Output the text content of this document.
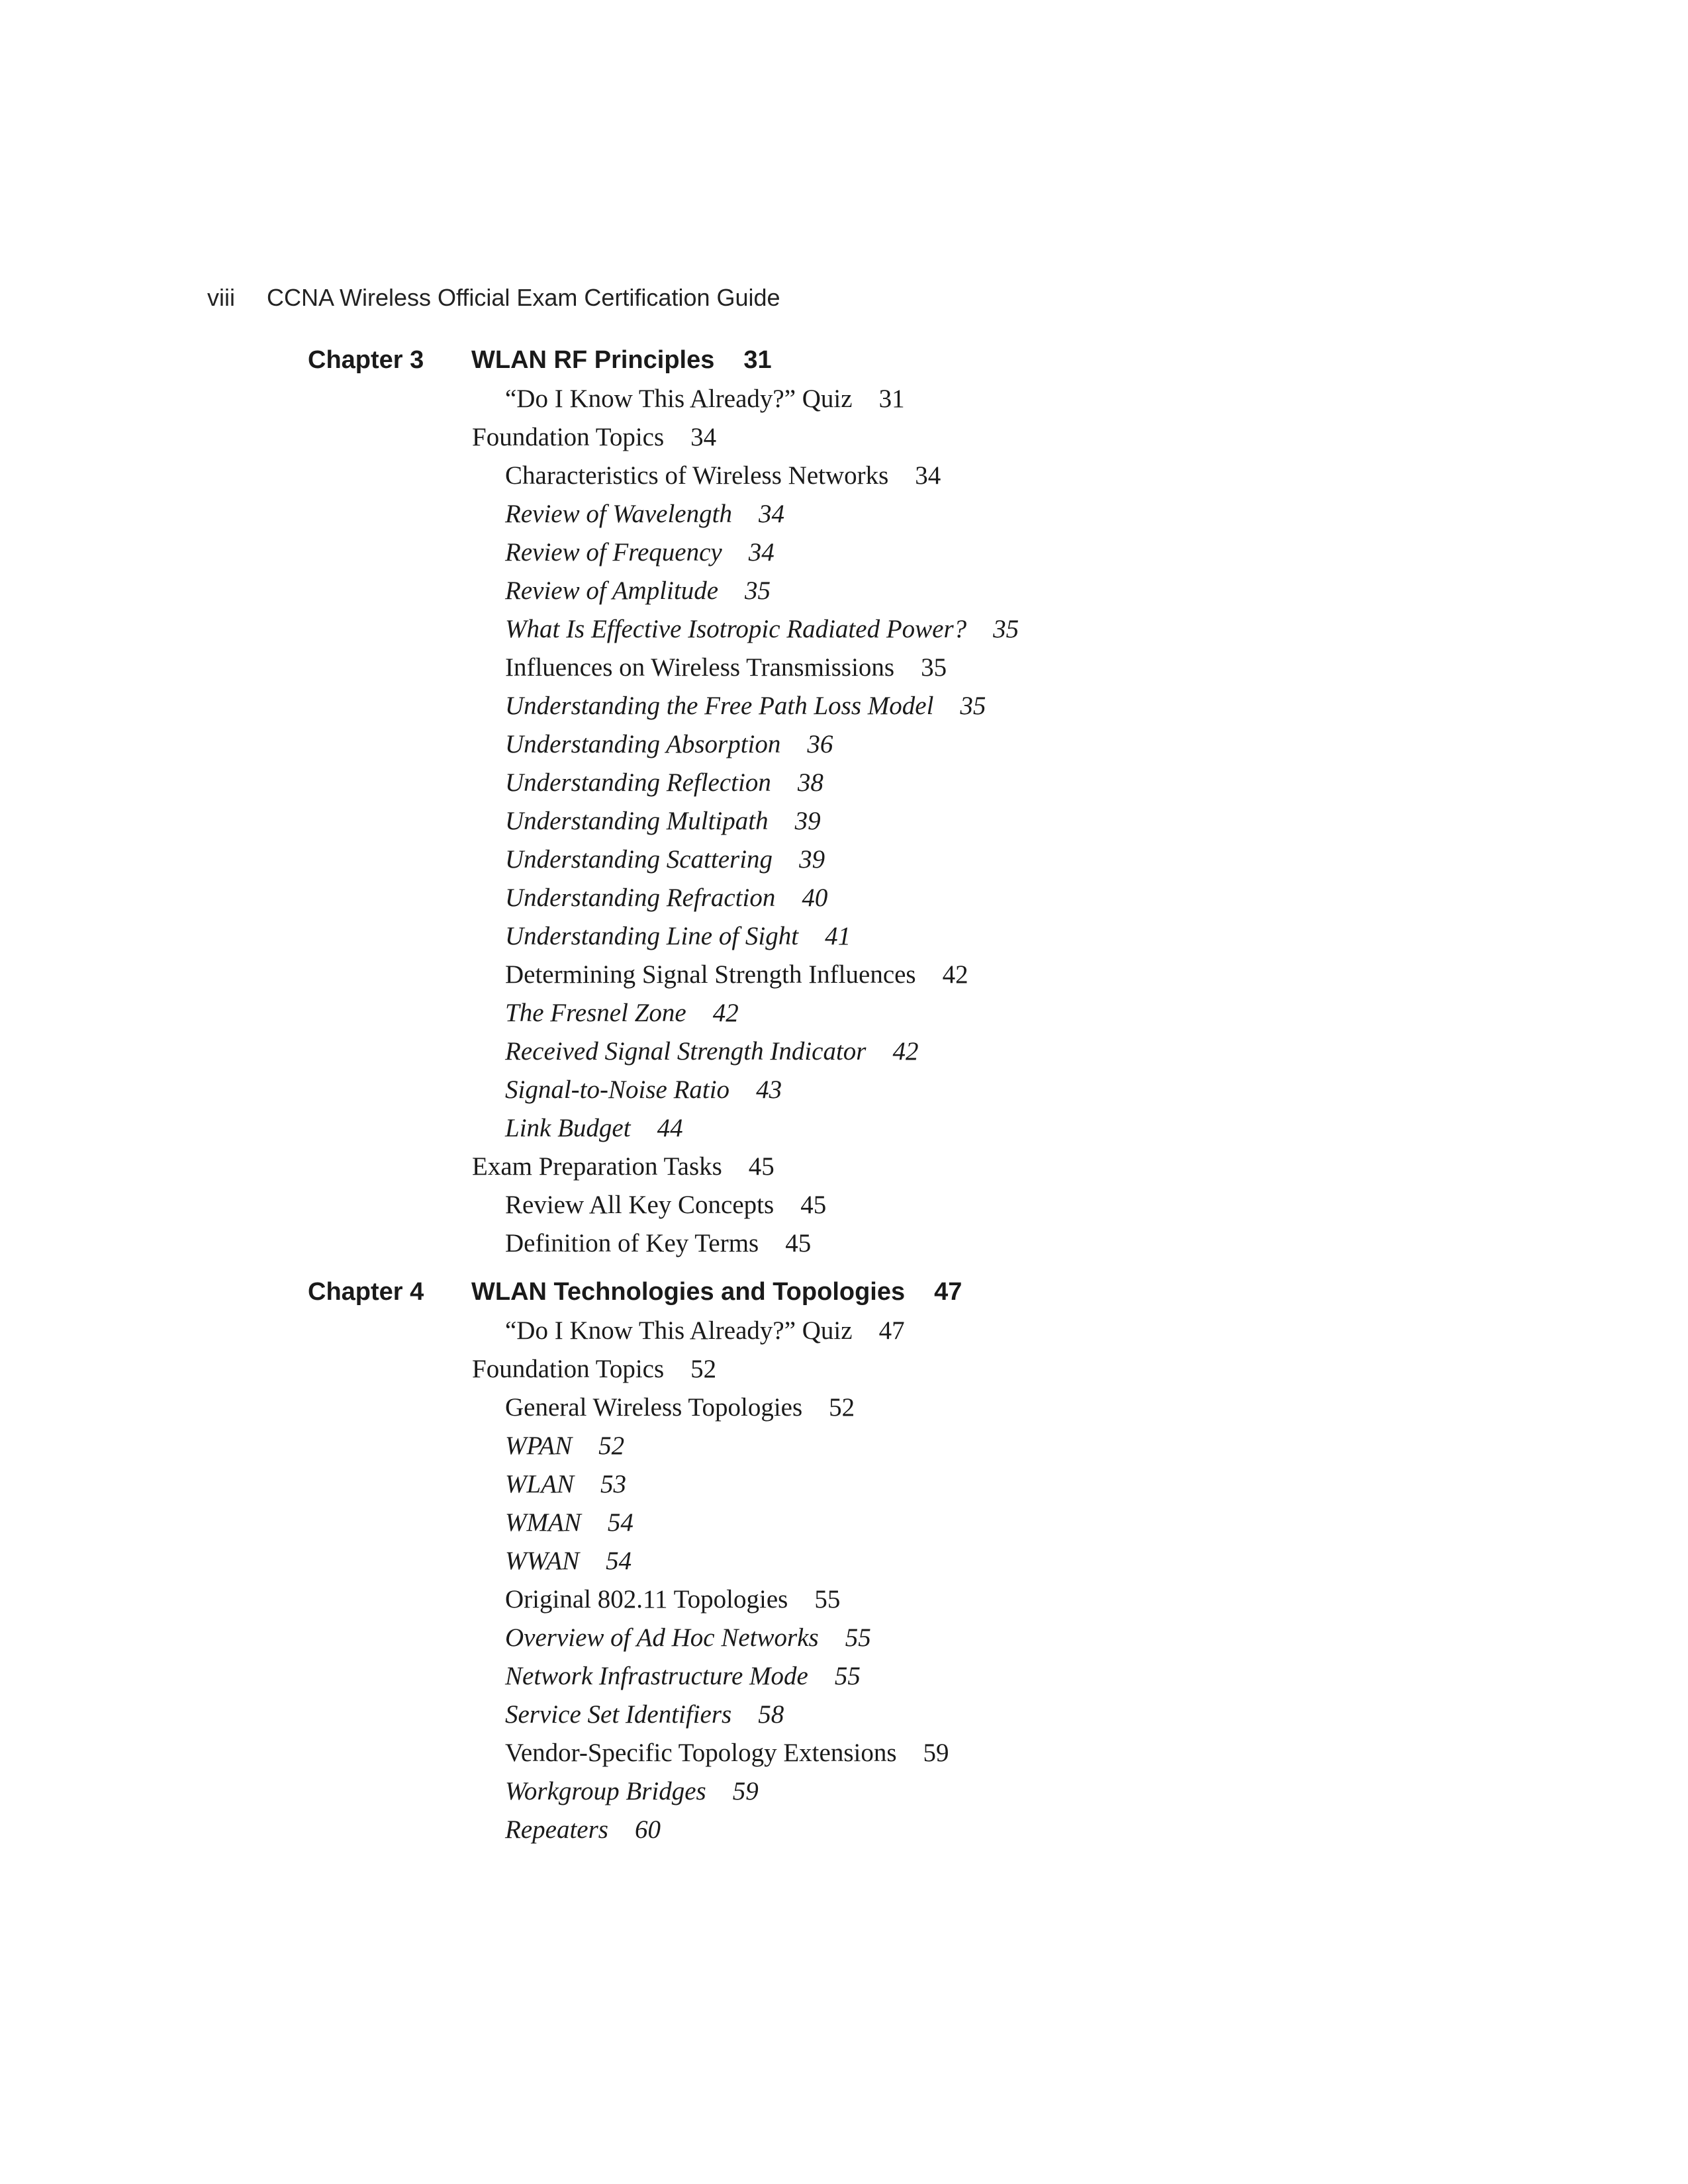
viii CCNA Wireless Official Exam Certification Guide
Chapter 3 WLAN RF Principles 31
“Do I Know This Already?” Quiz 31
Foundation Topics 34
Characteristics of Wireless Networks 34
Review of Wavelength 34
Review of Frequency 34
Review of Amplitude 35
What Is Effective Isotropic Radiated Power? 35
Influences on Wireless Transmissions 35
Understanding the Free Path Loss Model 35
Understanding Absorption 36
Understanding Reflection 38
Understanding Multipath 39
Understanding Scattering 39
Understanding Refraction 40
Understanding Line of Sight 41
Determining Signal Strength Influences 42
The Fresnel Zone 42
Received Signal Strength Indicator 42
Signal-to-Noise Ratio 43
Link Budget 44
Exam Preparation Tasks 45
Review All Key Concepts 45
Definition of Key Terms 45
Chapter 4 WLAN Technologies and Topologies 47
“Do I Know This Already?” Quiz 47
Foundation Topics 52
General Wireless Topologies 52
WPAN 52
WLAN 53
WMAN 54
WWAN 54
Original 802.11 Topologies 55
Overview of Ad Hoc Networks 55
Network Infrastructure Mode 55
Service Set Identifiers 58
Vendor-Specific Topology Extensions 59
Workgroup Bridges 59
Repeaters 60
